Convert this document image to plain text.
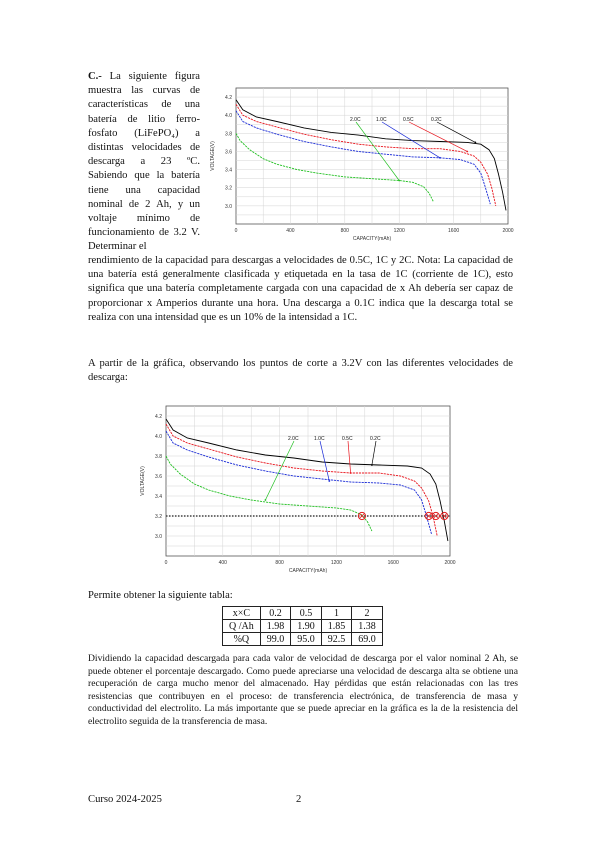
C.- La siguiente figura muestra las curvas de características de una batería de litio ferro-fosfato (LiFePO₄) a distintas velocidades de descarga a 23 ºC. Sabiendo que la batería tiene una capacidad nominal de 2 Ah, y un voltaje mínimo de funcionamiento de 3.2 V. Determinar el
3.0
3.2
3.4
3.6
3.8
4.0
4.2
0	400	800	1200	1600	2000
CAPACITY(mAh)
VOLTAGE(V)
2.0C	1.0C	0.5C	0.2C
rendimiento de la capacidad para descargas a velocidades de 0.5C, 1C y 2C. Nota: La capacidad de una batería está generalmente clasificada y etiquetada en la tasa de 1C (corriente de 1C), esto significa que una batería completamente cargada con una capacidad de x Ah debería ser capaz de proporcionar x Amperios durante una hora. Una descarga a 0.1C indica que la descarga total se realiza con una intensidad que es un 10% de la intensidad a 1C.
A partir de la gráfica, observando los puntos de corte a 3.2V con las diferentes velocidades de descarga:
3.0
3.2
3.4
3.6
3.8
4.0
4.2
0	400	800	1200	1600	2000
CAPACITY(mAh)
VOLTAGE(V)
2.0C	1.0C	0.5C	0.2C
Permite obtener la siguiente tabla:
x×C	0.2	0.5	1	2
Q /Ah	1.98	1.90	1.85	1.38
%Q	99.0	95.0	92.5	69.0
Dividiendo la capacidad descargada para cada valor de velocidad de descarga por el valor nominal 2 Ah, se puede obtener el porcentaje descargado. Como puede apreciarse una velocidad de descarga alta se obtiene una recuperación de carga mucho menor del almacenado. Hay pérdidas que están relacionadas con las tres resistencias que contribuyen en el proceso: de transferencia electrónica, de transferencia de masa y conductividad del electrolito. La más importante que se puede apreciar en la gráfica es la de la resistencia del electrolito seguida de la transferencia de masa.
Curso 2024-2025	2
